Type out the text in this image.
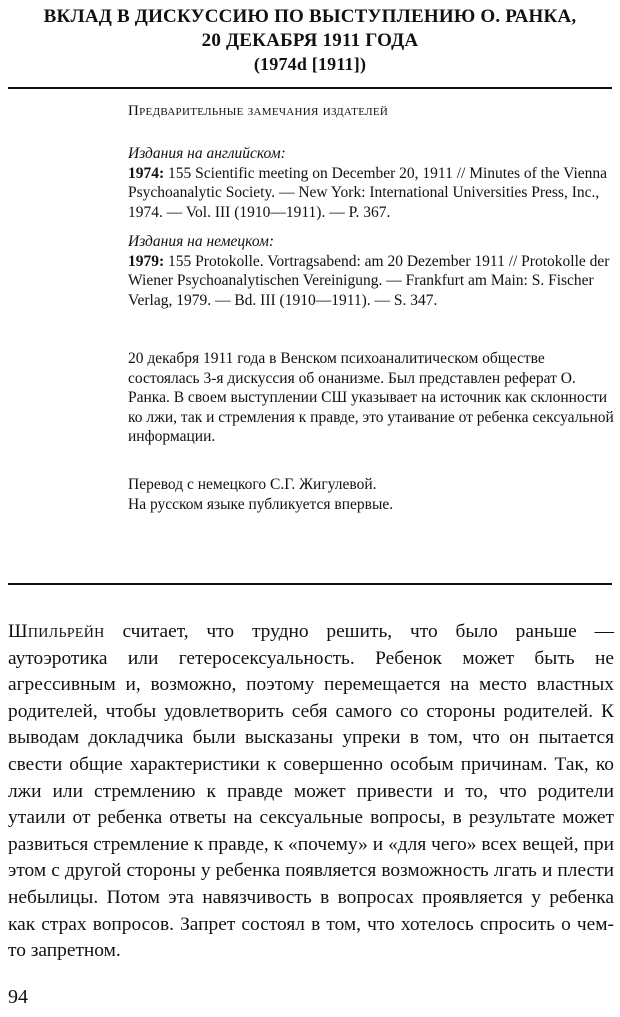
ВКЛАД В ДИСКУССИЮ ПО ВЫСТУПЛЕНИЮ О. РАНКА,
20 ДЕКАБРЯ 1911 ГОДА
(1974d [1911])
Предварительные замечания издателей

Издания на английском:

1974: 155 Scientific meeting on December 20, 1911 // Minutes of the Vienna Psychoanalytic Society. — New York: International Universities Press, Inc., 1974. — Vol. III (1910—1911). — P. 367.

Издания на немецком:

1979: 155 Protokolle. Vortragsabend: am 20 Dezember 1911 // Protokolle der Wiener Psychoanalytischen Vereinigung. — Frankfurt am Main: S. Fischer Verlag, 1979. — Bd. III (1910—1911). — S. 347.

20 декабря 1911 года в Венском психоаналитическом обществе состоялась 3-я дискуссия об онанизме. Был представлен реферат О. Ранка. В своем выступлении СШ указывает на источник как склонности ко лжи, так и стремления к правде, это утаивание от ребенка сексуальной информации.

Перевод с немецкого С.Г. Жигулевой.

На русском языке публикуется впервые.

Шпильрейн считает, что трудно решить, что было раньше — аутоэротика или гетеросексуальность. Ребенок может быть не агрессивным и, возможно, поэтому перемещается на место властных родителей, чтобы удовлетворить себя самого со стороны родителей. К выводам докладчика были высказаны упреки в том, что он пытается свести общие характеристики к совершенно особым причинам. Так, ко лжи или стремлению к правде может привести и то, что родители утаили от ребенка ответы на сексуальные вопросы, в результате может развиться стремление к правде, к «почему» и «для чего» всех вещей, при этом с другой стороны у ребенка появляется возможность лгать и плести небылицы. Потом эта навязчивость в вопросах проявляется у ребенка как страх вопросов. Запрет состоял в том, что хотелось спросить о чем-то запретном.

94
